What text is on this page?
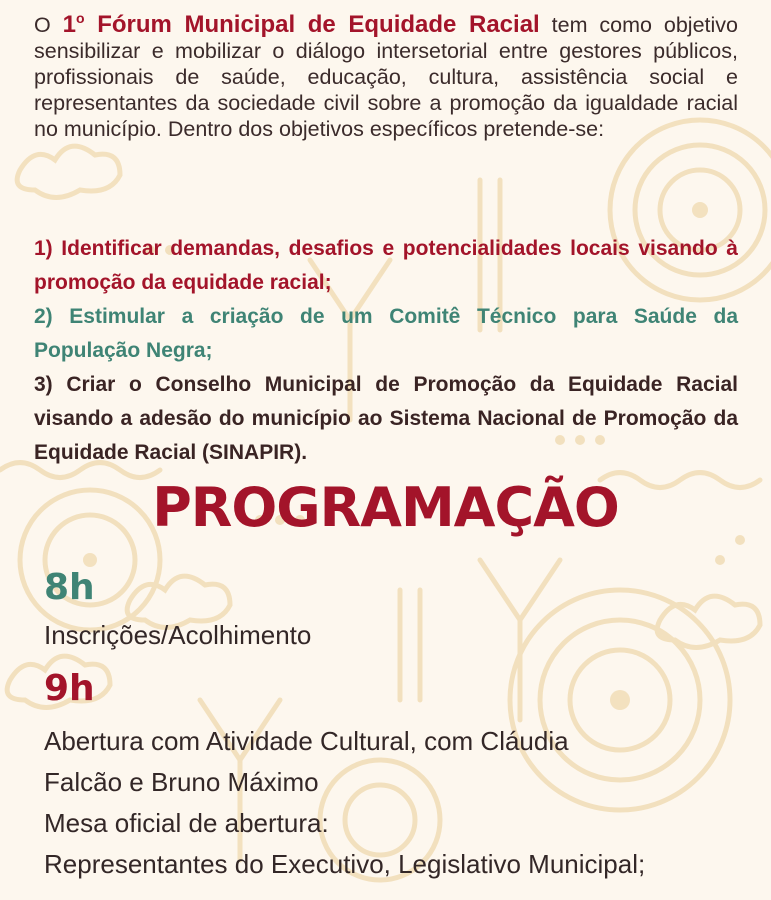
O 1$^o$ Fórum Municipal de Equidade Racial tem como objetivo sensibilizar e mobilizar o diálogo intersetorial entre gestores públicos, profissionais de saúde, educação, cultura, assistência social e representantes da sociedade civil sobre a promoção da igualdade racial no município. Dentro dos objetivos específicos pretende-se:

1) Identificar demandas, desafios e potencialidades locais visando à promoção da equidade racial;
2) Estimular a criação de um Comitê Técnico para Saúde da População Negra;
3) Criar o Conselho Municipal de Promoção da Equidade Racial visando a adesão do município ao Sistema Nacional de Promoção da Equidade Racial (SINAPIR).
PROGRAMAÇÃO
8h
Inscrições/Acolhimento
9h
Abertura com Atividade Cultural, com Cláudia
Falcão e Bruno Máximo
Mesa oficial de abertura:
Representantes do Executivo, Legislativo Municipal;
